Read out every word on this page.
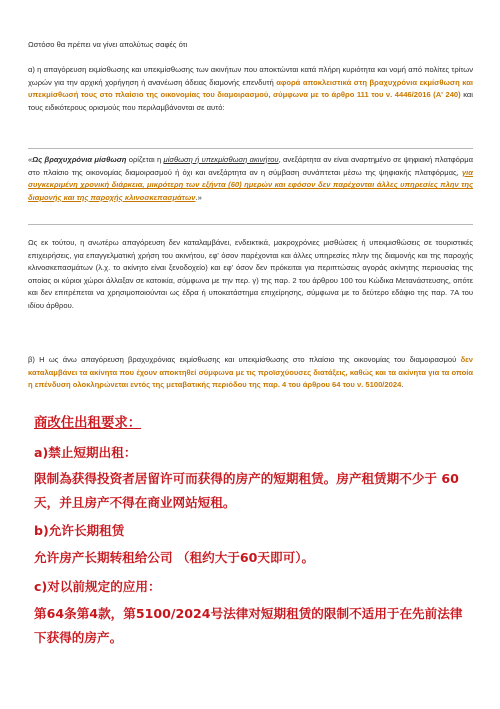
Ωστόσο θα πρέπει να γίνει απολύτως σαφές ότι

α) η απαγόρευση εκμίσθωσης και υπεκμίσθωσης των ακινήτων που αποκτώνται κατά πλήρη κυριότητα και νομή από πολίτες τρίτων χωρών για την αρχική χορήγηση ή ανανέωση άδειας διαμονής επενδυτή αφορά αποκλειστικά στη βραχυχρόνια εκμίσθωση και υπεκμίσθωσή τους στο πλαίσιο της οικονομίας του διαμοιρασμού, σύμφωνα με το άρθρο 111 του ν. 4446/2016 (Α' 240) και τους ειδικότερους ορισμούς που περιλαμβάνονται σε αυτό:

«Ως βραχυχρόνια μίσθωση ορίζεται η μίσθωση ή υπεκμίσθωση ακινήτου, ανεξάρτητα αν είναι αναρτημένο σε ψηφιακή πλατφόρμα στο πλαίσιο της οικονομίας διαμοιρασμού ή όχι και ανεξάρτητα αν η σύμβαση συνάπτεται μέσω της ψηφιακής πλατφόρμας, για συγκεκριμένη χρονική διάρκεια, μικρότερη των εξήντα (60) ημερών και εφόσον δεν παρέχονται άλλες υπηρεσίες πλην της διαμονής και της παροχής κλινοσκεπασμάτων.»

Ως εκ τούτου, η ανωτέρω απαγόρευση δεν καταλαμβάνει, ενδεικτικά, μακροχρόνιες μισθώσεις ή υπεκμισθώσεις σε τουριστικές επιχειρήσεις, για επαγγελματική χρήση του ακινήτου, εφ' όσον παρέχονται και άλλες υπηρεσίες πλην της διαμονής και της παροχής κλινοσκεπασμάτων (λ.χ. το ακίνητο είναι ξενοδοχείο) και εφ' όσον δεν πρόκειται για περιπτώσεις αγοράς ακίνητης περιουσίας της οποίας οι κύριοι χώροι άλλαξαν σε κατοικία, σύμφωνα με την περ. γ) της παρ. 2 του άρθρου 100 του Κώδικα Μετανάστευσης, οπότε και δεν επιτρέπεται να χρησιμοποιούνται ως έδρα ή υποκατάστημα επιχείρησης, σύμφωνα με το δεύτερο εδάφιο της παρ. 7Α του ιδίου άρθρου.

β) Η ως άνω απαγόρευση βραχυχρόνιας εκμίσθωσης και υπεκμίσθωσης στο πλαίσιο της οικονομίας του διαμοιρασμού δεν καταλαμβάνει τα ακίνητα που έχουν αποκτηθεί σύμφωνα με τις προϊσχύουσες διατάξεις, καθώς και τα ακίνητα για τα οποία η επένδυση ολοκληρώνεται εντός της μεταβατικής περιόδου της παρ. 4 του άρθρου 64 του ν. 5100/2024.

商改住出租要求：
a)禁止短期出租：
限制為获得投资者居留许可而获得的房产的短期租赁。房产租赁期不少于 60 天，并且房产不得在商业网站短租。
b)允许长期租赁
允许房产长期转租给公司 （租约大于60天即可）。
c)对以前规定的应用：
第64条第4款，第5100/2024号法律对短期租赁的限制不适用于在先前法律下获得的房产。
